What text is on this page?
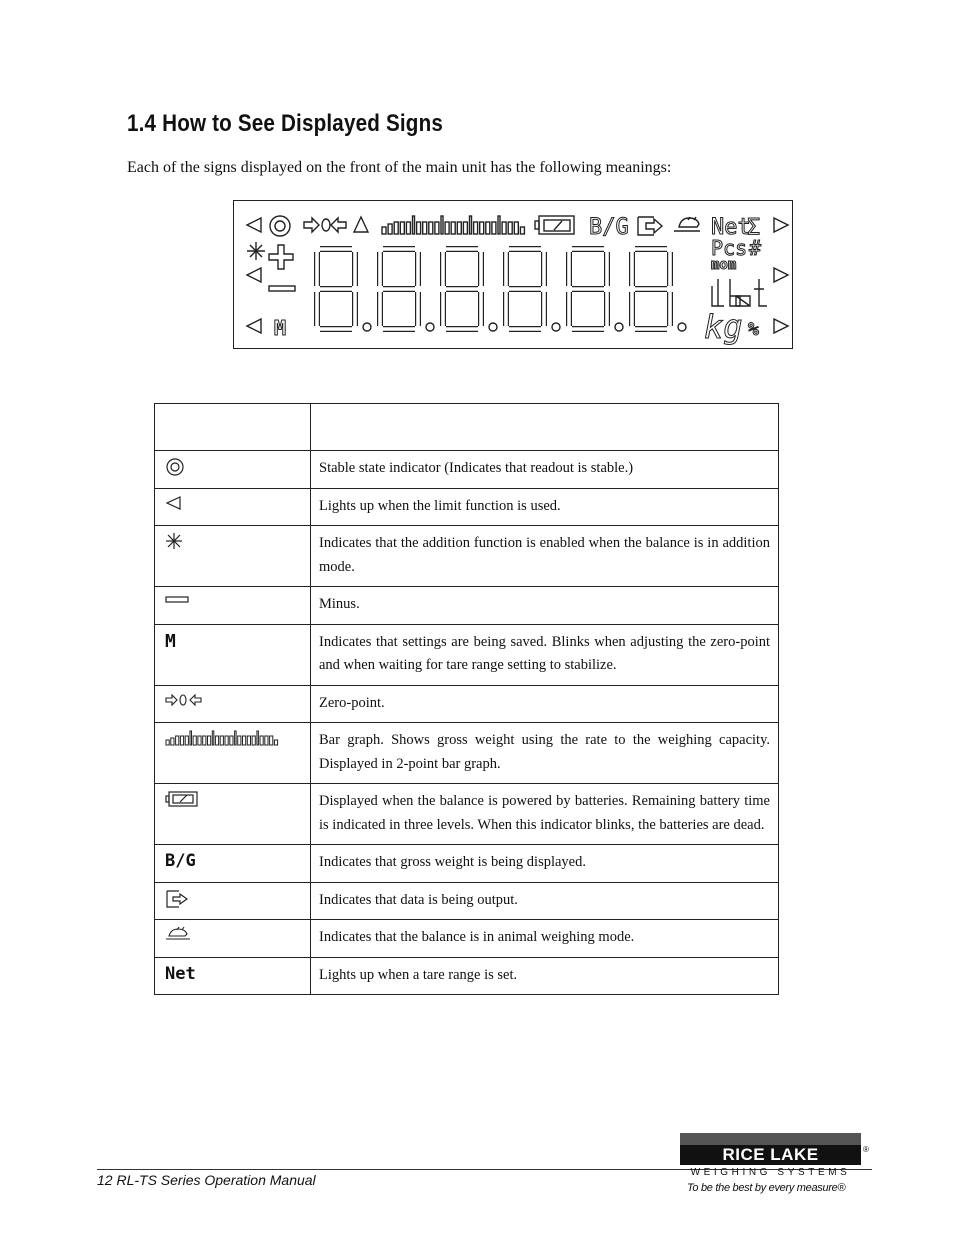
1.4 How to See Displayed Signs
Each of the signs displayed on the front of the main unit has the following meanings:
B/G	Net
Σ
Pcs #
mom
kg %
M

	Stable state indicator (Indicates that readout is stable.)
	Lights up when the limit function is used.
	Indicates that the addition function is enabled when the balance is in addition mode.
	Minus.
M	Indicates that settings are being saved. Blinks when adjusting the zero-point and when waiting for tare range setting to stabilize.
	Zero-point.
	Bar graph. Shows gross weight using the rate to the weighing capacity. Displayed in 2-point bar graph.
	Displayed when the balance is powered by batteries. Remaining battery time is indicated in three levels. When this indicator blinks, the batteries are dead.
B/G	Indicates that gross weight is being displayed.
	Indicates that data is being output.
	Indicates that the balance is in animal weighing mode.
Net	Lights up when a tare range is set.
12 RL-TS Series Operation Manual
RICE LAKE	®
WEIGHING SYSTEMS
To be the best by every measure®
